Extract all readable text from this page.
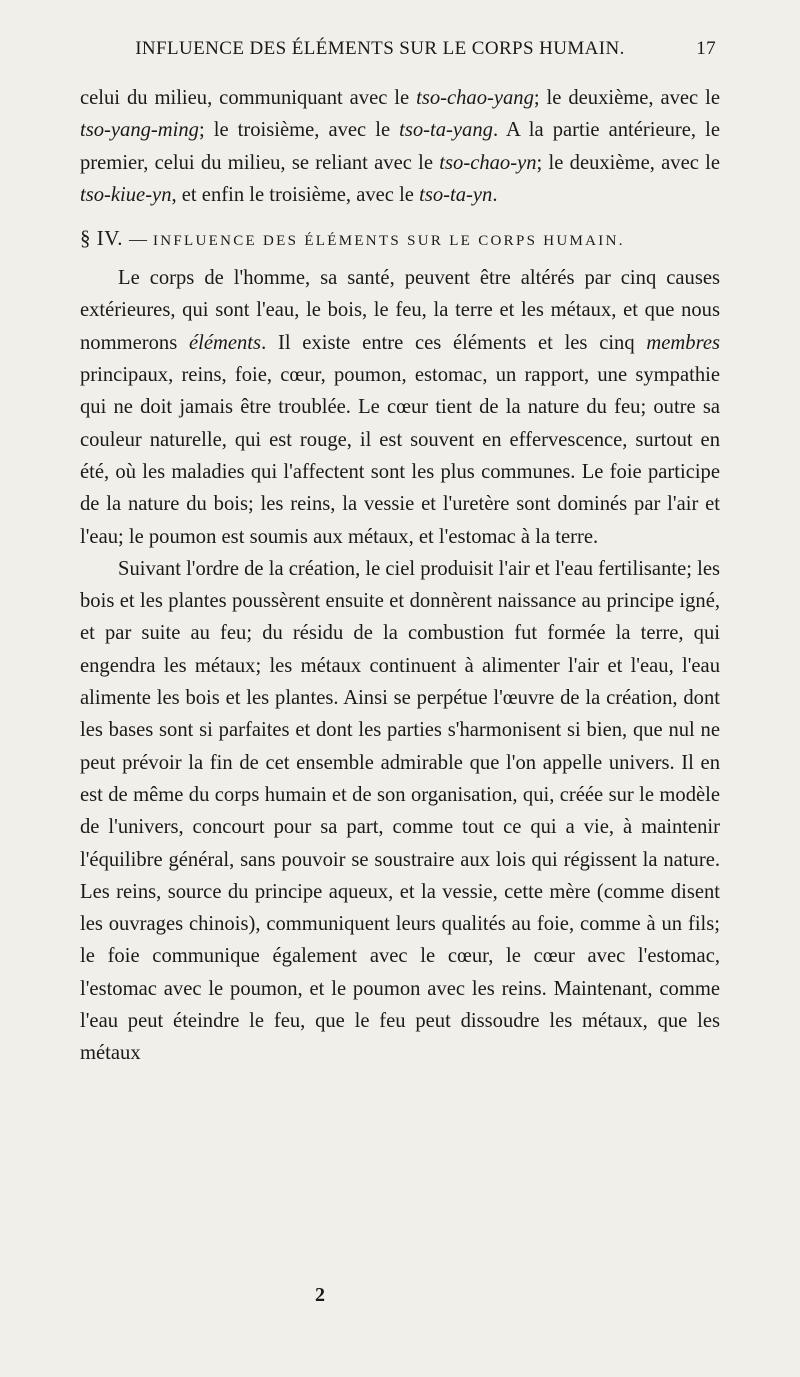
INFLUENCE DES ÉLÉMENTS SUR LE CORPS HUMAIN.	17

celui du milieu, communiquant avec le tso-chao-yang; le deuxième, avec le tso-yang-ming; le troisième, avec le tso-ta-yang. A la partie antérieure, le premier, celui du milieu, se reliant avec le tso-chao-yn; le deuxième, avec le tso-kiue-yn, et enfin le troisième, avec le tso-ta-yn.

§ IV. — INFLUENCE DES ÉLÉMENTS SUR LE CORPS HUMAIN.

Le corps de l'homme, sa santé, peuvent être altérés par cinq causes extérieures, qui sont l'eau, le bois, le feu, la terre et les métaux, et que nous nommerons éléments. Il existe entre ces éléments et les cinq membres principaux, reins, foie, cœur, poumon, estomac, un rapport, une sympathie qui ne doit jamais être troublée. Le cœur tient de la nature du feu; outre sa couleur naturelle, qui est rouge, il est souvent en effervescence, surtout en été, où les maladies qui l'affectent sont les plus communes. Le foie participe de la nature du bois; les reins, la vessie et l'uretère sont dominés par l'air et l'eau; le poumon est soumis aux métaux, et l'estomac à la terre.

Suivant l'ordre de la création, le ciel produisit l'air et l'eau fertilisante; les bois et les plantes poussèrent ensuite et donnèrent naissance au principe igné, et par suite au feu; du résidu de la combustion fut formée la terre, qui engendra les métaux; les métaux continuent à alimenter l'air et l'eau, l'eau alimente les bois et les plantes. Ainsi se perpétue l'œuvre de la création, dont les bases sont si parfaites et dont les parties s'harmonisent si bien, que nul ne peut prévoir la fin de cet ensemble admirable que l'on appelle univers. Il en est de même du corps humain et de son organisation, qui, créée sur le modèle de l'univers, concourt pour sa part, comme tout ce qui a vie, à maintenir l'équilibre général, sans pouvoir se soustraire aux lois qui régissent la nature. Les reins, source du principe aqueux, et la vessie, cette mère (comme disent les ouvrages chinois), communiquent leurs qualités au foie, comme à un fils; le foie communique également avec le cœur, le cœur avec l'estomac, l'estomac avec le poumon, et le poumon avec les reins. Maintenant, comme l'eau peut éteindre le feu, que le feu peut dissoudre les métaux, que les métaux

2
